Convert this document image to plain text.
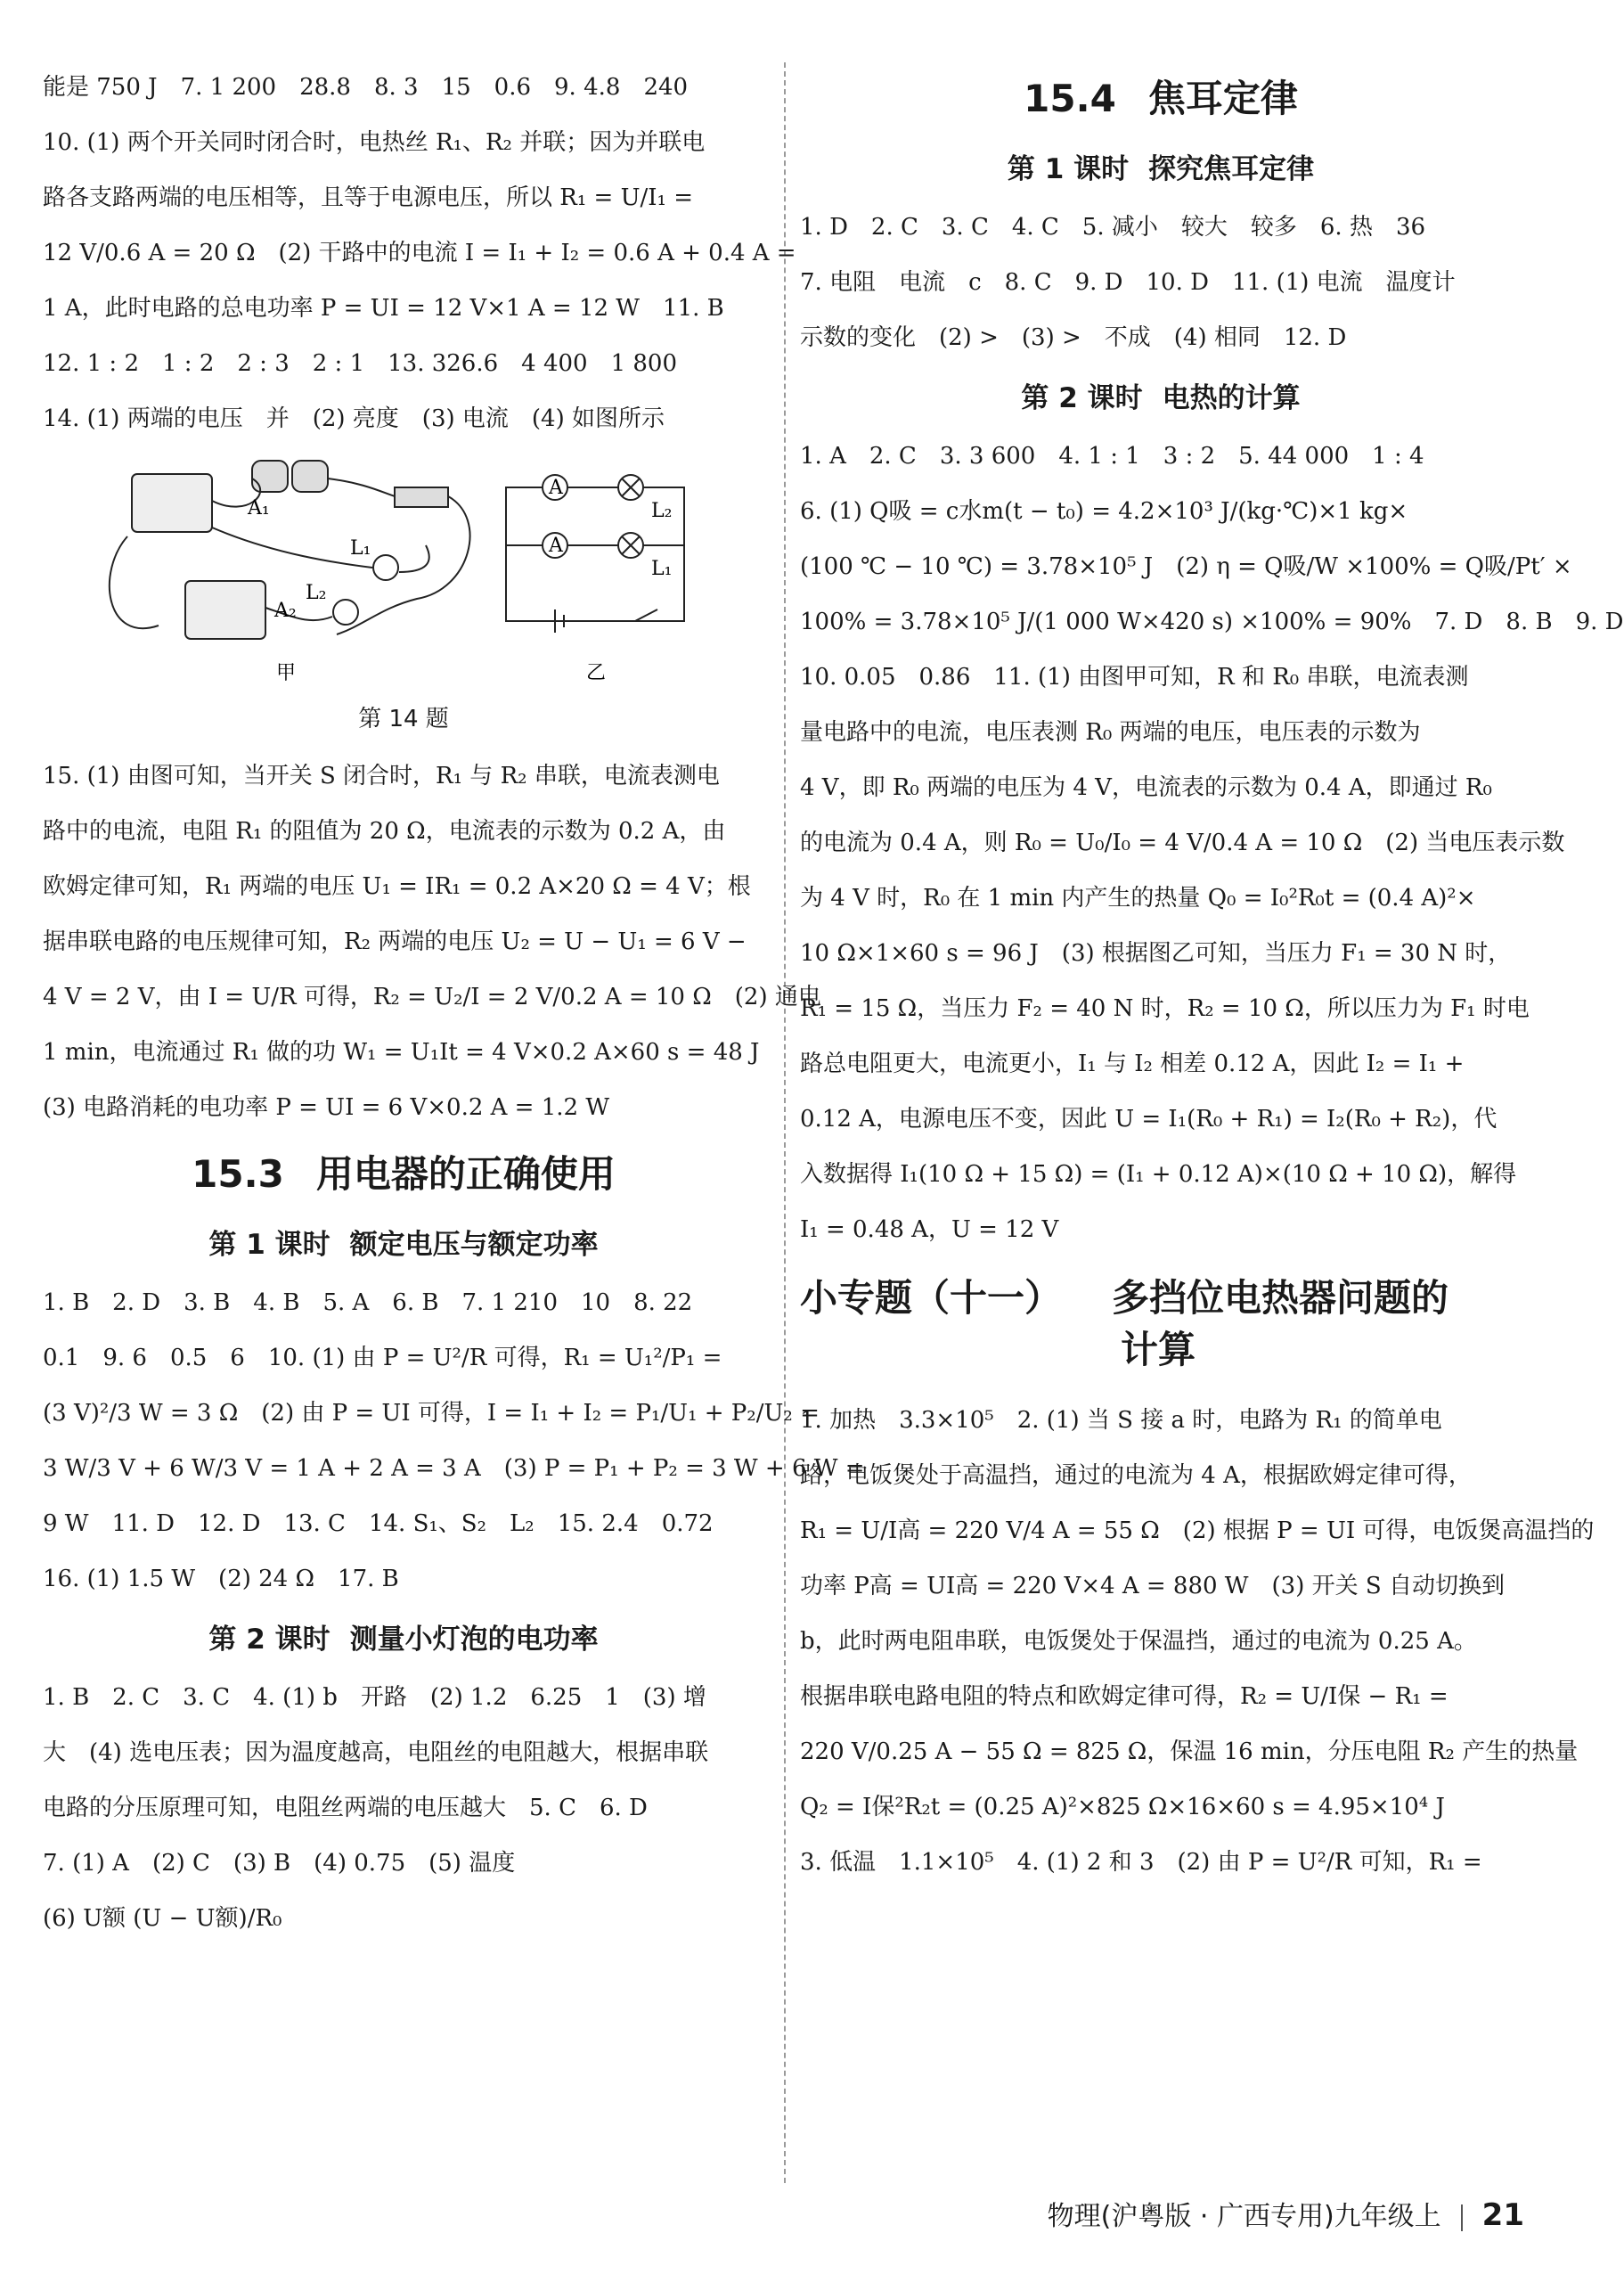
能是 750 J　7. 1 200　28.8　8. 3　15　0.6　9. 4.8　240
10. (1) 两个开关同时闭合时，电热丝 R₁、R₂ 并联；因为并联电
路各支路两端的电压相等，且等于电源电压，所以 R₁ = U/I₁ =
12 V/0.6 A = 20 Ω　(2) 干路中的电流 I = I₁ + I₂ = 0.6 A + 0.4 A =
1 A，此时电路的总电功率 P = UI = 12 V×1 A = 12 W　11. B
12. 1 : 2　1 : 2　2 : 3　2 : 1　13. 326.6　4 400　1 800
14. (1) 两端的电压　并　(2) 亮度　(3) 电流　(4) 如图所示
A₁
A₂
L₁
L₂
甲
A
A
L₂
L₁
乙
第 14 题
15. (1) 由图可知，当开关 S 闭合时，R₁ 与 R₂ 串联，电流表测电
路中的电流，电阻 R₁ 的阻值为 20 Ω，电流表的示数为 0.2 A，由
欧姆定律可知，R₁ 两端的电压 U₁ = IR₁ = 0.2 A×20 Ω = 4 V；根
据串联电路的电压规律可知，R₂ 两端的电压 U₂ = U − U₁ = 6 V −
4 V = 2 V，由 I = U/R 可得，R₂ = U₂/I = 2 V/0.2 A = 10 Ω　(2) 通电
1 min，电流通过 R₁ 做的功 W₁ = U₁It = 4 V×0.2 A×60 s = 48 J
(3) 电路消耗的电功率 P = UI = 6 V×0.2 A = 1.2 W
15.3 用电器的正确使用
第 1 课时 额定电压与额定功率
1. B　2. D　3. B　4. B　5. A　6. B　7. 1 210　10　8. 22
0.1　9. 6　0.5　6　10. (1) 由 P = U²/R 可得，R₁ = U₁²/P₁ =
(3 V)²/3 W = 3 Ω　(2) 由 P = UI 可得，I = I₁ + I₂ = P₁/U₁ + P₂/U₂ =
3 W/3 V + 6 W/3 V = 1 A + 2 A = 3 A　(3) P = P₁ + P₂ = 3 W + 6 W =
9 W　11. D　12. D　13. C　14. S₁、S₂　L₂　15. 2.4　0.72
16. (1) 1.5 W　(2) 24 Ω　17. B
第 2 课时 测量小灯泡的电功率
1. B　2. C　3. C　4. (1) b　开路　(2) 1.2　6.25　1　(3) 增
大　(4) 选电压表；因为温度越高，电阻丝的电阻越大，根据串联
电路的分压原理可知，电阻丝两端的电压越大　5. C　6. D
7. (1) A　(2) C　(3) B　(4) 0.75　(5) 温度
(6) U额 (U − U额)/R₀
15.4 焦耳定律
第 1 课时 探究焦耳定律
1. D　2. C　3. C　4. C　5. 减小　较大　较多　6. 热　36
7. 电阻　电流　c　8. C　9. D　10. D　11. (1) 电流　温度计
示数的变化　(2) >　(3) >　不成　(4) 相同　12. D
第 2 课时 电热的计算
1. A　2. C　3. 3 600　4. 1 : 1　3 : 2　5. 44 000　1 : 4
6. (1) Q吸 = c水m(t − t₀) = 4.2×10³ J/(kg·℃)×1 kg×
(100 ℃ − 10 ℃) = 3.78×10⁵ J　(2) η = Q吸/W ×100% = Q吸/Pt′ ×
100% = 3.78×10⁵ J/(1 000 W×420 s) ×100% = 90%　7. D　8. B　9. D
10. 0.05　0.86　11. (1) 由图甲可知，R 和 R₀ 串联，电流表测
量电路中的电流，电压表测 R₀ 两端的电压，电压表的示数为
4 V，即 R₀ 两端的电压为 4 V，电流表的示数为 0.4 A，即通过 R₀
的电流为 0.4 A，则 R₀ = U₀/I₀ = 4 V/0.4 A = 10 Ω　(2) 当电压表示数
为 4 V 时，R₀ 在 1 min 内产生的热量 Q₀ = I₀²R₀t = (0.4 A)²×
10 Ω×1×60 s = 96 J　(3) 根据图乙可知，当压力 F₁ = 30 N 时，
R₁ = 15 Ω，当压力 F₂ = 40 N 时，R₂ = 10 Ω，所以压力为 F₁ 时电
路总电阻更大，电流更小，I₁ 与 I₂ 相差 0.12 A，因此 I₂ = I₁ +
0.12 A，电源电压不变，因此 U = I₁(R₀ + R₁) = I₂(R₀ + R₂)，代
入数据得 I₁(10 Ω + 15 Ω) = (I₁ + 0.12 A)×(10 Ω + 10 Ω)，解得
I₁ = 0.48 A，U = 12 V
小专题（十一） 多挡位电热器问题的
计算
1. 加热　3.3×10⁵　2. (1) 当 S 接 a 时，电路为 R₁ 的简单电
路，电饭煲处于高温挡，通过的电流为 4 A，根据欧姆定律可得，
R₁ = U/I高 = 220 V/4 A = 55 Ω　(2) 根据 P = UI 可得，电饭煲高温挡的
功率 P高 = UI高 = 220 V×4 A = 880 W　(3) 开关 S 自动切换到
b，此时两电阻串联，电饭煲处于保温挡，通过的电流为 0.25 A。
根据串联电路电阻的特点和欧姆定律可得，R₂ = U/I保 − R₁ =
220 V/0.25 A − 55 Ω = 825 Ω，保温 16 min，分压电阻 R₂ 产生的热量
Q₂ = I保²R₂t = (0.25 A)²×825 Ω×16×60 s = 4.95×10⁴ J
3. 低温　1.1×10⁵　4. (1) 2 和 3　(2) 由 P = U²/R 可知，R₁ =
物理(沪粤版 · 广西专用)九年级上 21
